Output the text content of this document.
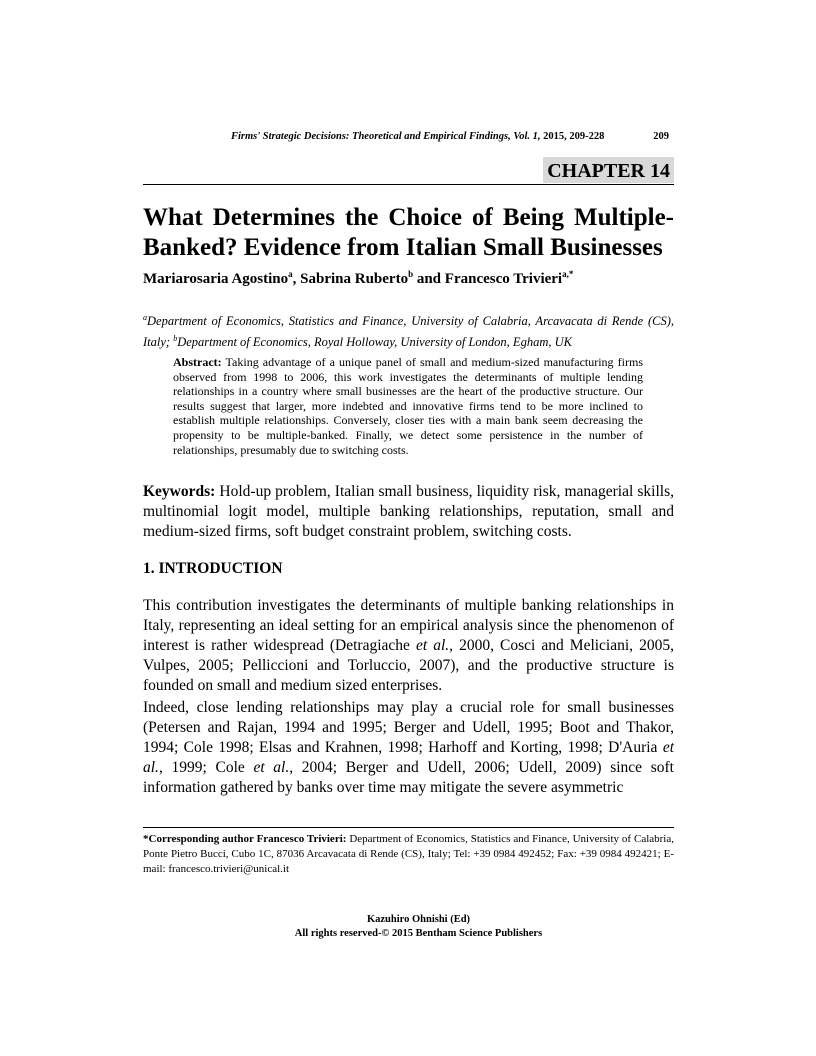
Firms' Strategic Decisions: Theoretical and Empirical Findings, Vol. 1, 2015, 209-228	209
CHAPTER 14
What Determines the Choice of Being Multiple-Banked? Evidence from Italian Small Businesses
Mariarosaria Agostino$^a$, Sabrina Ruberto$^b$ and Francesco Trivieri$^{a,*}$
$^a$Department of Economics, Statistics and Finance, University of Calabria, Arcavacata di Rende (CS), Italy; $^b$Department of Economics, Royal Holloway, University of London, Egham, UK
Abstract: Taking advantage of a unique panel of small and medium-sized manufacturing firms observed from 1998 to 2006, this work investigates the determinants of multiple lending relationships in a country where small businesses are the heart of the productive structure. Our results suggest that larger, more indebted and innovative firms tend to be more inclined to establish multiple relationships. Conversely, closer ties with a main bank seem decreasing the propensity to be multiple-banked. Finally, we detect some persistence in the number of relationships, presumably due to switching costs.
Keywords: Hold-up problem, Italian small business, liquidity risk, managerial skills, multinomial logit model, multiple banking relationships, reputation, small and medium-sized firms, soft budget constraint problem, switching costs.
1. INTRODUCTION

This contribution investigates the determinants of multiple banking relationships in Italy, representing an ideal setting for an empirical analysis since the phenomenon of interest is rather widespread (Detragiache et al., 2000, Cosci and Meliciani, 2005, Vulpes, 2005; Pelliccioni and Torluccio, 2007), and the productive structure is founded on small and medium sized enterprises.

Indeed, close lending relationships may play a crucial role for small businesses (Petersen and Rajan, 1994 and 1995; Berger and Udell, 1995; Boot and Thakor, 1994; Cole 1998; Elsas and Krahnen, 1998; Harhoff and Korting, 1998; D'Auria et al., 1999; Cole et al., 2004; Berger and Udell, 2006; Udell, 2009) since soft information gathered by banks over time may mitigate the severe asymmetric

*Corresponding author Francesco Trivieri: Department of Economics, Statistics and Finance, University of Calabria, Ponte Pietro Bucci, Cubo 1C, 87036 Arcavacata di Rende (CS), Italy; Tel: +39 0984 492452; Fax: +39 0984 492421; E-mail: francesco.trivieri@unical.it
Kazuhiro Ohnishi (Ed)
All rights reserved-© 2015 Bentham Science Publishers
